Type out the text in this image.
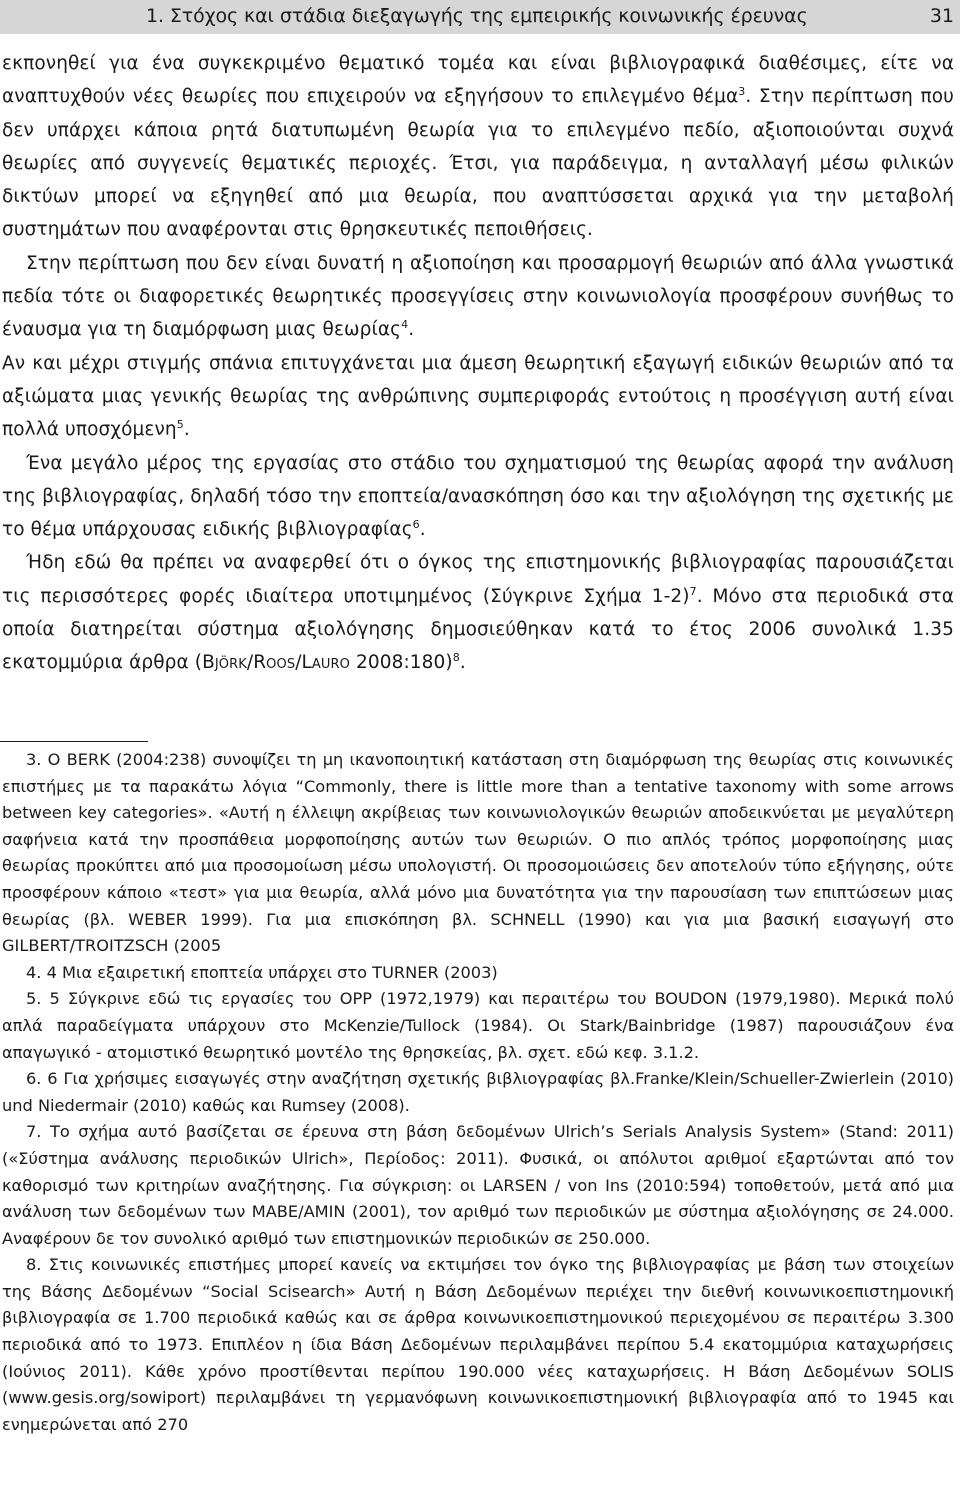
1. Στόχος και στάδια διεξαγωγής της εμπειρικής κοινωνικής έρευνας	31

εκπονηθεί για ένα συγκεκριμένο θεματικό τομέα και είναι βιβλιογραφικά διαθέσιμες, είτε να αναπτυχθούν νέες θεωρίες που επιχειρούν να εξηγήσουν το επιλεγμένο θέμα$^3$. Στην περίπτωση που δεν υπάρχει κάποια ρητά διατυπωμένη θεωρία για το επιλεγμένο πεδίο, αξιοποιούνται συχνά θεωρίες από συγγενείς θεματικές περιοχές. Έτσι, για παράδειγμα, η ανταλλαγή μέσω φιλικών δικτύων μπορεί να εξηγηθεί από μια θεωρία, που αναπτύσσεται αρχικά για την μεταβολή συστημάτων που αναφέρονται στις θρησκευτικές πεποιθήσεις.

Στην περίπτωση που δεν είναι δυνατή η αξιοποίηση και προσαρμογή θεωριών από άλλα γνωστικά πεδία τότε οι διαφορετικές θεωρητικές προσεγγίσεις στην κοινωνιολογία προσφέρουν συνήθως το έναυσμα για τη διαμόρφωση μιας θεωρίας$^4$.

Αν και μέχρι στιγμής σπάνια επιτυγχάνεται μια άμεση θεωρητική εξαγωγή ειδικών θεωριών από τα αξιώματα μιας γενικής θεωρίας της ανθρώπινης συμπεριφοράς εντούτοις η προσέγγιση αυτή είναι πολλά υποσχόμενη$^5$.

Ένα μεγάλο μέρος της εργασίας στο στάδιο του σχηματισμού της θεωρίας αφορά την ανάλυση της βιβλιογραφίας, δηλαδή τόσο την εποπτεία/ανασκόπηση όσο και την αξιολόγηση της σχετικής με το θέμα υπάρχουσας ειδικής βιβλιογραφίας$^6$.

Ήδη εδώ θα πρέπει να αναφερθεί ότι ο όγκος της επιστημονικής βιβλιογραφίας παρουσιάζεται τις περισσότερες φορές ιδιαίτερα υποτιμημένος (Σύγκρινε Σχήμα 1-2)$^7$. Μόνο στα περιοδικά στα οποία διατηρείται σύστημα αξιολόγησης δημοσιεύθηκαν κατά το έτος 2006 συνολικά 1.35 εκατομμύρια άρθρα (Björk/Roos/Lauro 2008:180)$^8$.

3. Ο BERK (2004:238) συνοψίζει τη μη ικανοποιητική κατάσταση στη διαμόρφωση της θεωρίας στις κοινωνικές επιστήμες με τα παρακάτω λόγια “Commonly, there is little more than a tentative taxonomy with some arrows between key categories». «Αυτή η έλλειψη ακρίβειας των κοινωνιολογικών θεωριών αποδεικνύεται με μεγαλύτερη σαφήνεια κατά την προσπάθεια μορφοποίησης αυτών των θεωριών. Ο πιο απλός τρόπος μορφοποίησης μιας θεωρίας προκύπτει από μια προσομοίωση μέσω υπολογιστή. Οι προσομοιώσεις δεν αποτελούν τύπο εξήγησης, ούτε προσφέρουν κάποιο «τεστ» για μια θεωρία, αλλά μόνο μια δυνατότητα για την παρουσίαση των επιπτώσεων μιας θεωρίας (βλ. WEBER 1999). Για μια επισκόπηση βλ. SCHNELL (1990) και για μια βασική εισαγωγή στο GILBERT/TROITZSCH (2005

4. 4 Μια εξαιρετική εποπτεία υπάρχει στο TURNER (2003)

5. 5 Σύγκρινε εδώ τις εργασίες του OPP (1972,1979) και περαιτέρω του BOUDON (1979,1980). Μερικά πολύ απλά παραδείγματα υπάρχουν στο McKenzie/Tullock (1984). Οι Stark/Bainbridge (1987) παρουσιάζουν ένα απαγωγικό - ατομιστικό θεωρητικό μοντέλο της θρησκείας, βλ. σχετ. εδώ κεφ. 3.1.2.

6. 6 Για χρήσιμες εισαγωγές στην αναζήτηση σχετικής βιβλιογραφίας βλ.Franke/Klein/Schueller-Zwierlein (2010) und Niedermair (2010) καθώς και Rumsey (2008).

7. Το σχήμα αυτό βασίζεται σε έρευνα στη βάση δεδομένων Ulrich’s Serials Analysis System» (Stand: 2011) («Σύστημα ανάλυσης περιοδικών Ulrich», Περίοδος: 2011). Φυσικά, οι απόλυτοι αριθμοί εξαρτώνται από τον καθορισμό των κριτηρίων αναζήτησης. Για σύγκριση: οι LARSEN / von Ins (2010:594) τοποθετούν, μετά από μια ανάλυση των δεδομένων των MABE/AMIN (2001), τον αριθμό των περιοδικών με σύστημα αξιολόγησης σε 24.000. Αναφέρουν δε τον συνολικό αριθμό των επιστημονικών περιοδικών σε 250.000.

8. Στις κοινωνικές επιστήμες μπορεί κανείς να εκτιμήσει τον όγκο της βιβλιογραφίας με βάση των στοιχείων της Βάσης Δεδομένων “Social Scisearch» Αυτή η Βάση Δεδομένων περιέχει την διεθνή κοινωνικοεπιστημονική βιβλιογραφία σε 1.700 περιοδικά καθώς και σε άρθρα κοινωνικοεπιστημονικού περιεχομένου σε περαιτέρω 3.300 περιοδικά από το 1973. Επιπλέον η ίδια Βάση Δεδομένων περιλαμβάνει περίπου 5.4 εκατομμύρια καταχωρήσεις (Ιούνιος 2011). Κάθε χρόνο προστίθενται περίπου 190.000 νέες καταχωρήσεις. Η Βάση Δεδομένων SOLIS (www.gesis.org/sowiport) περιλαμβάνει τη γερμανόφωνη κοινωνικοεπιστημονική βιβλιογραφία από το 1945 και ενημερώνεται από 270
